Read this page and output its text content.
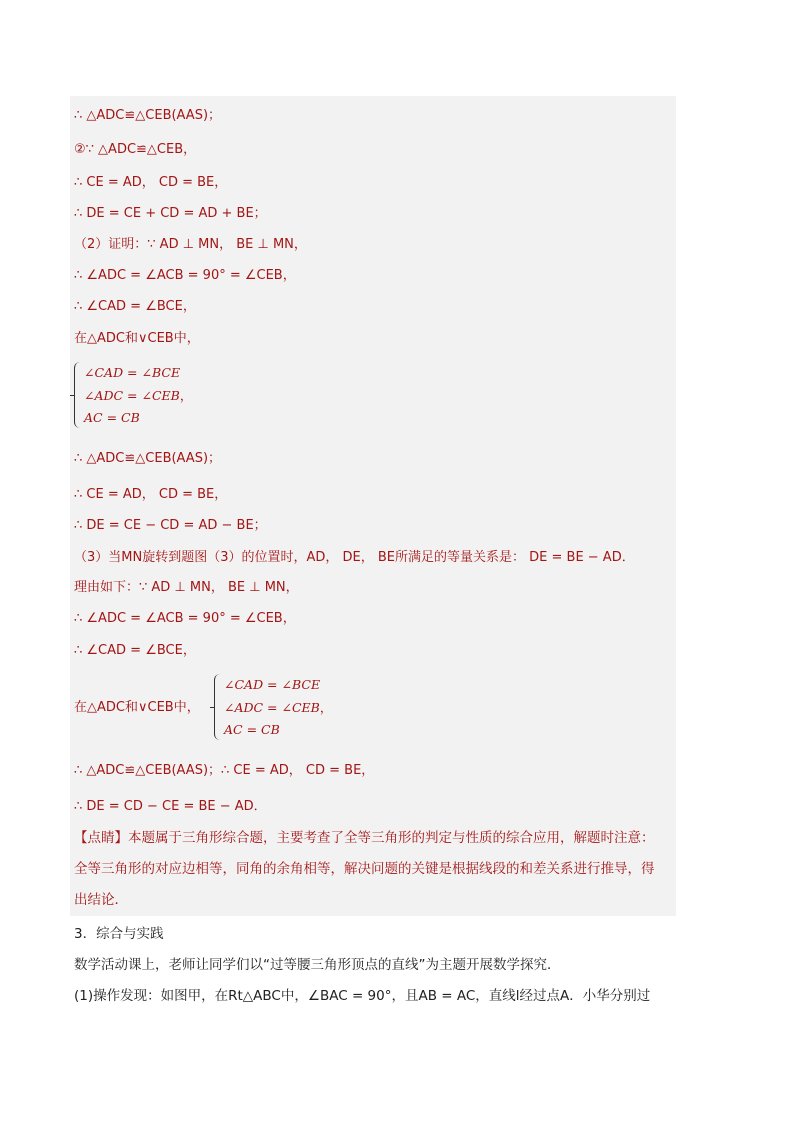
∴ △ADC≌△CEB(AAS)；
②∵ △ADC≌△CEB，
∴ CE = AD， CD = BE，
∴ DE = CE + CD = AD + BE；
（2）证明：∵ AD ⊥ MN， BE ⊥ MN，
∴ ∠ADC = ∠ACB = 90° = ∠CEB，
∴ ∠CAD = ∠BCE，
在△ADC和∨CEB中，
∠CAD = ∠BCE
∠ADC = ∠CEB，
AC = CB
∴ △ADC≌△CEB(AAS)；
∴ CE = AD， CD = BE，
∴ DE = CE − CD = AD − BE；
（3）当MN旋转到题图（3）的位置时，AD， DE， BE所满足的等量关系是： DE = BE − AD．
理由如下：∵ AD ⊥ MN， BE ⊥ MN，
∴ ∠ADC = ∠ACB = 90° = ∠CEB，
∴ ∠CAD = ∠BCE，
在△ADC和∨CEB中，
∠CAD = ∠BCE
∠ADC = ∠CEB，
AC = CB
∴ △ADC≌△CEB(AAS)；∴ CE = AD， CD = BE，
∴ DE = CD − CE = BE − AD．
【点睛】本题属于三角形综合题，主要考查了全等三角形的判定与性质的综合应用，解题时注意：
全等三角形的对应边相等，同角的余角相等，解决问题的关键是根据线段的和差关系进行推导，得
出结论．
3．综合与实践
数学活动课上，老师让同学们以“过等腰三角形顶点的直线”为主题开展数学探究．
(1)操作发现：如图甲，在Rt△ABC中，∠BAC = 90°，且AB = AC，直线l经过点A．小华分别过
